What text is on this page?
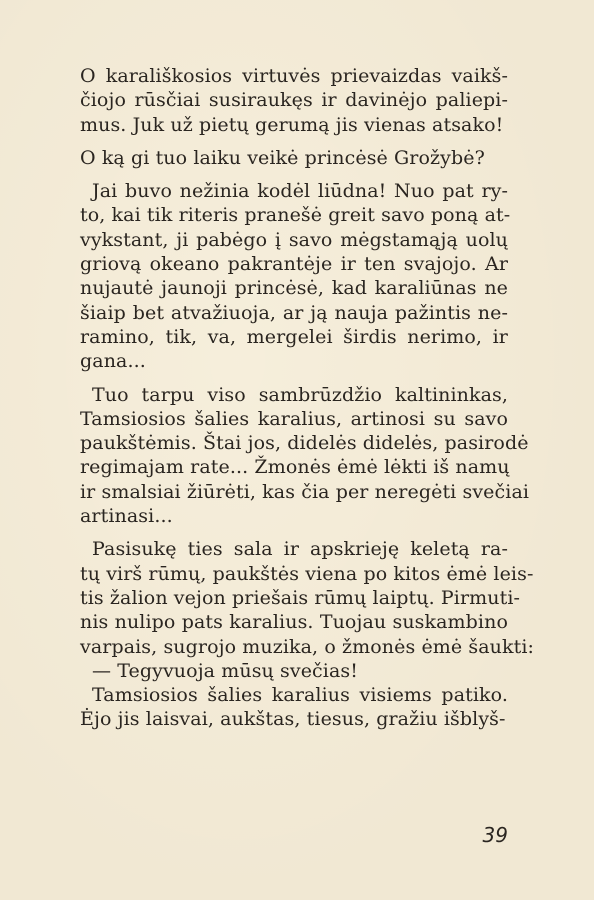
O karališkosios virtuvės prievaizdas vaikš-
čiojo rūsčiai susiraukęs ir davinėjo paliepi-
mus. Juk už pietų gerumą jis vienas atsako!
O ką gi tuo laiku veikė princėsė Grožybė?
Jai buvo nežinia kodėl liūdna! Nuo pat ry-
to, kai tik riteris pranešė greit savo poną at-
vykstant, ji pabėgo į savo mėgstamąją uolų
griovą okeano pakrantėje ir ten svajojo. Ar
nujautė jaunoji princėsė, kad karaliūnas ne
šiaip bet atvažiuoja, ar ją nauja pažintis ne-
ramino, tik, va, mergelei širdis nerimo, ir
gana...
Tuo tarpu viso sambrūzdžio kaltininkas,
Tamsiosios šalies karalius, artinosi su savo
paukštėmis. Štai jos, didelės didelės, pasirodė
regimajam ratе... Žmonės ėmė lėkti iš namų
ir smalsiai žiūrėti, kas čia per neregėti svečiai
artinasi...
Pasisukę ties sala ir apskrieję keletą ra-
tų virš rūmų, paukštės viena po kitos ėmė leis-
tis žalion vejon priešais rūmų laiptų. Pirmuti-
nis nulipo pats karalius. Tuojau suskambino
varpais, sugrojo muzika, o žmonės ėmė šaukti:
— Tegyvuoja mūsų svečias!
Tamsiosios šalies karalius visiems patiko.
Ėjo jis laisvai, aukštas, tiesus, gražiu išblyš-
39
